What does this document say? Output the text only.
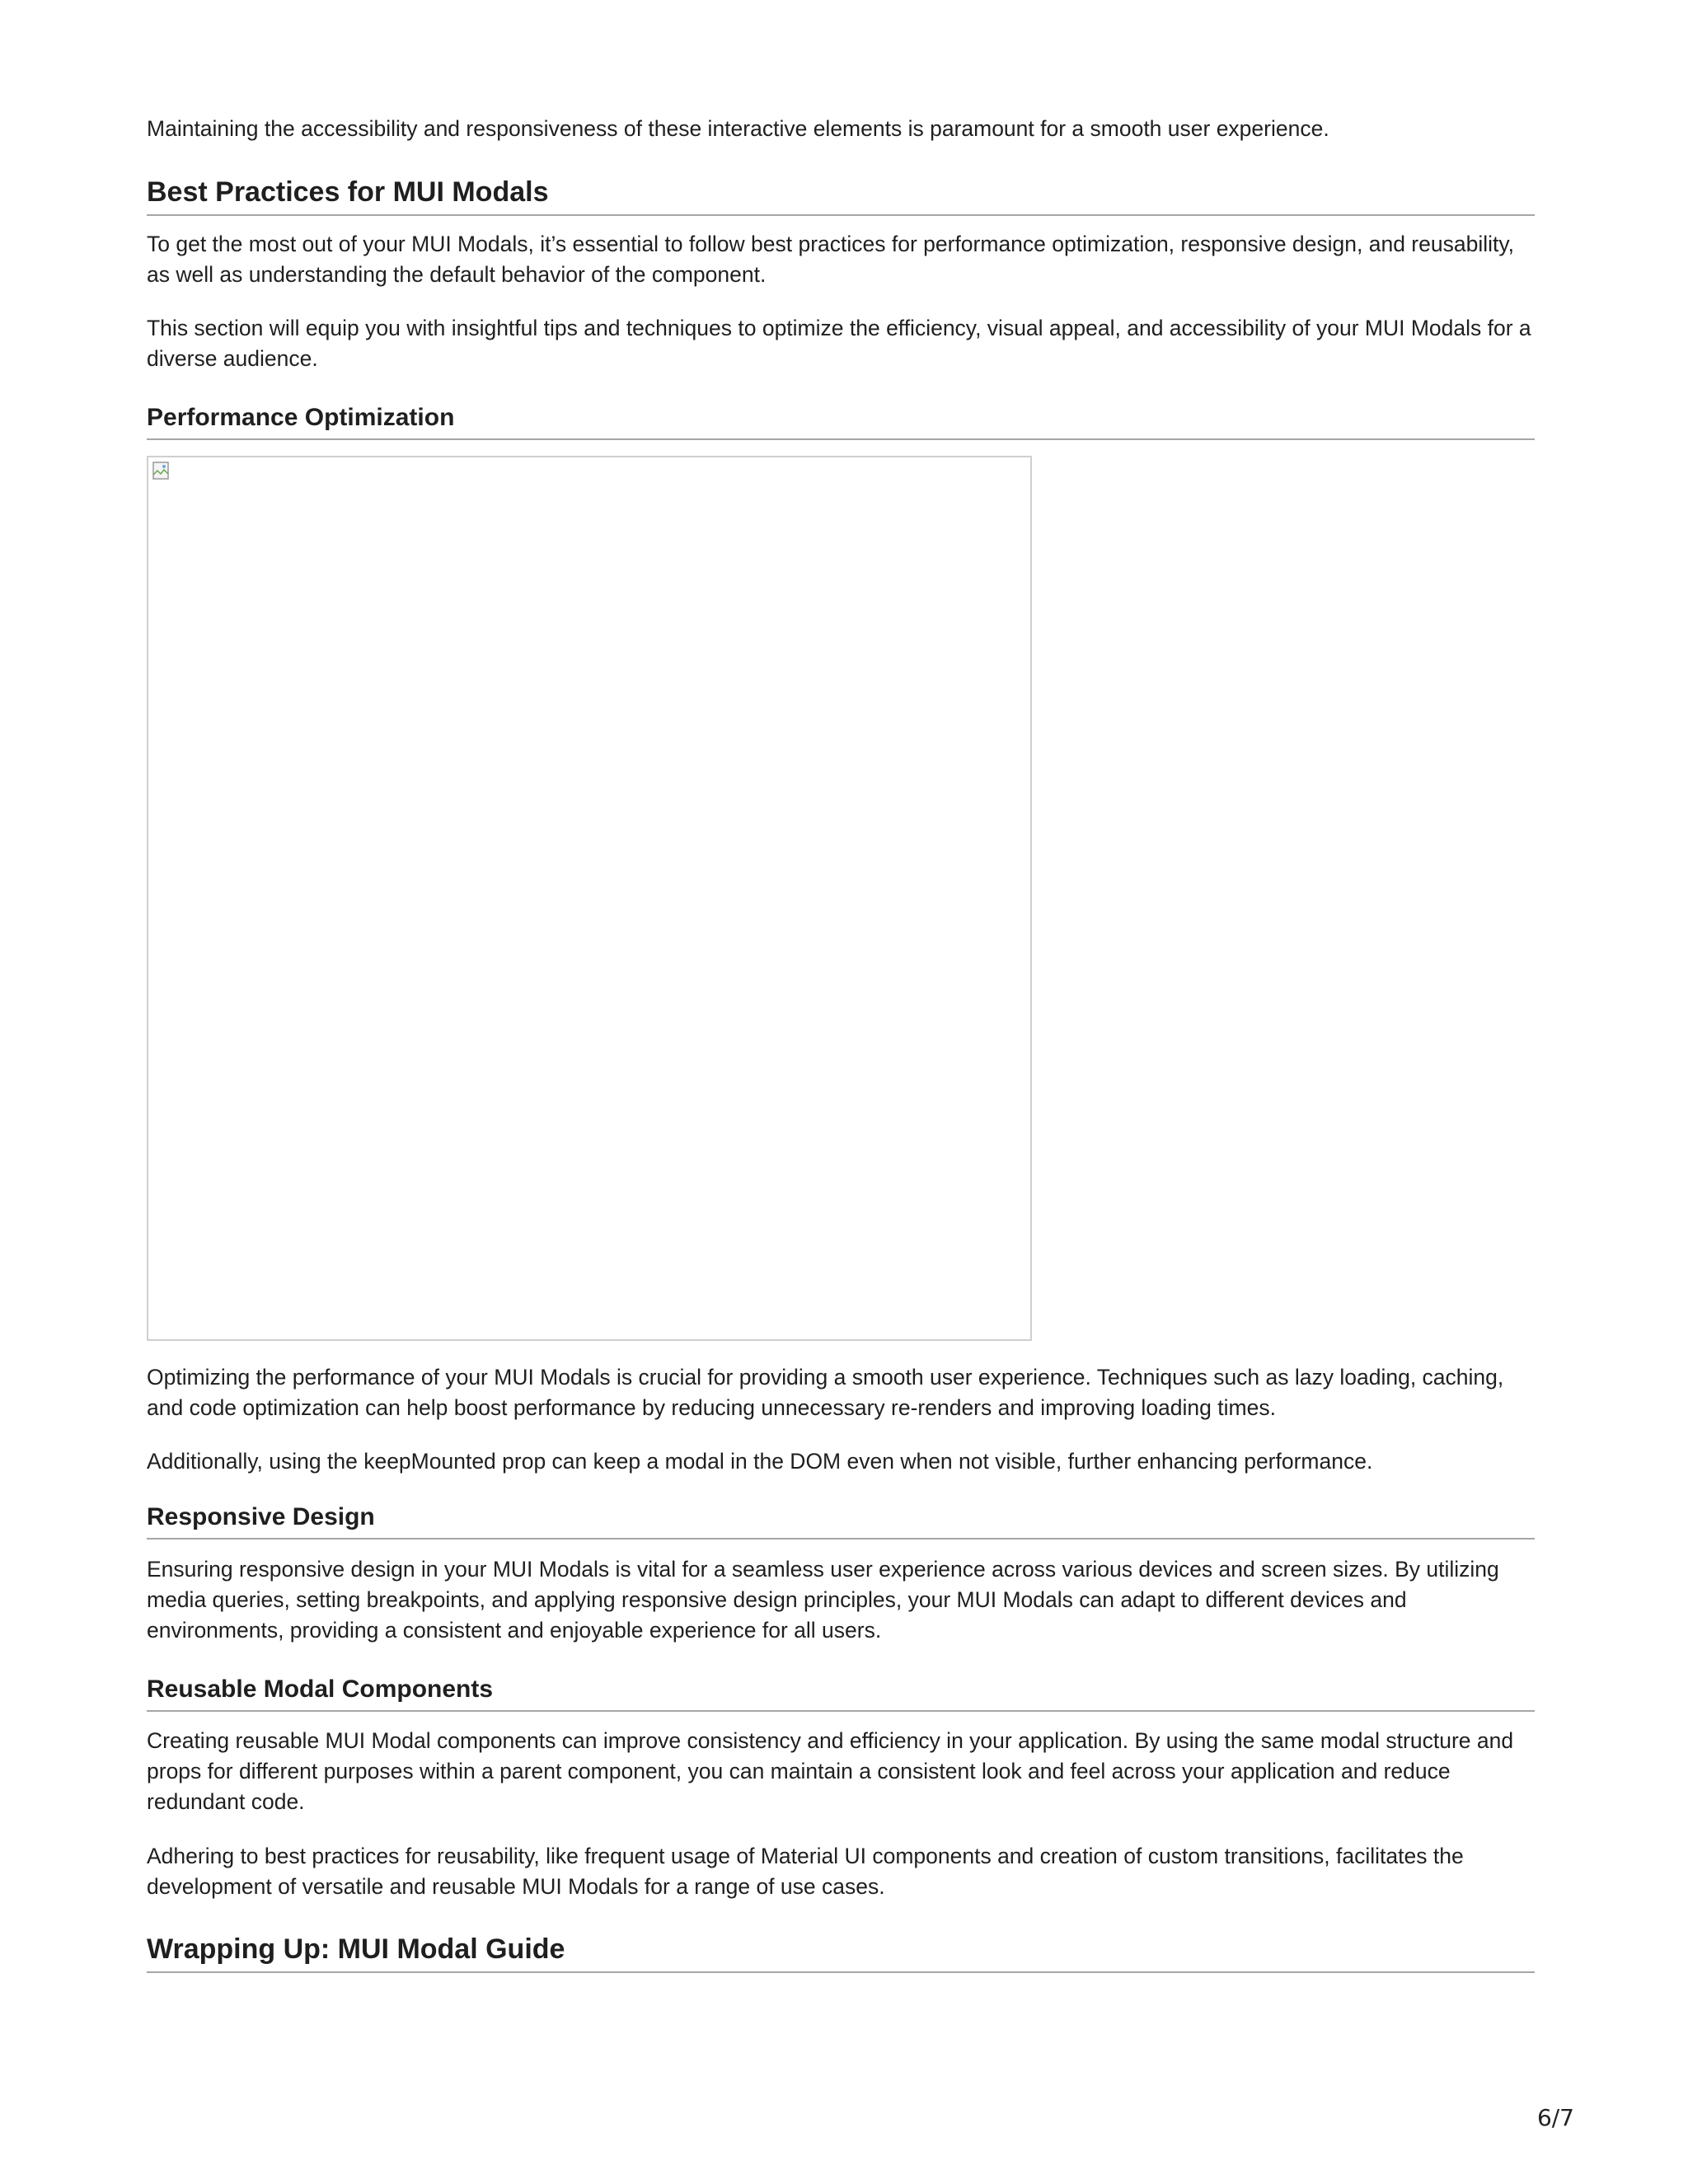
Maintaining the accessibility and responsiveness of these interactive elements is paramount for a smooth user experience.

Best Practices for MUI Modals

To get the most out of your MUI Modals, it’s essential to follow best practices for performance optimization, responsive design, and reusability, as well as understanding the default behavior of the component.

This section will equip you with insightful tips and techniques to optimize the efficiency, visual appeal, and accessibility of your MUI Modals for a diverse audience.

Performance Optimization

Optimizing the performance of your MUI Modals is crucial for providing a smooth user experience. Techniques such as lazy loading, caching, and code optimization can help boost performance by reducing unnecessary re-renders and improving loading times.

Additionally, using the keepMounted prop can keep a modal in the DOM even when not visible, further enhancing performance.

Responsive Design

Ensuring responsive design in your MUI Modals is vital for a seamless user experience across various devices and screen sizes. By utilizing media queries, setting breakpoints, and applying responsive design principles, your MUI Modals can adapt to different devices and environments, providing a consistent and enjoyable experience for all users.

Reusable Modal Components

Creating reusable MUI Modal components can improve consistency and efficiency in your application. By using the same modal structure and props for different purposes within a parent component, you can maintain a consistent look and feel across your application and reduce redundant code.

Adhering to best practices for reusability, like frequent usage of Material UI components and creation of custom transitions, facilitates the development of versatile and reusable MUI Modals for a range of use cases.

Wrapping Up: MUI Modal Guide
6/7
